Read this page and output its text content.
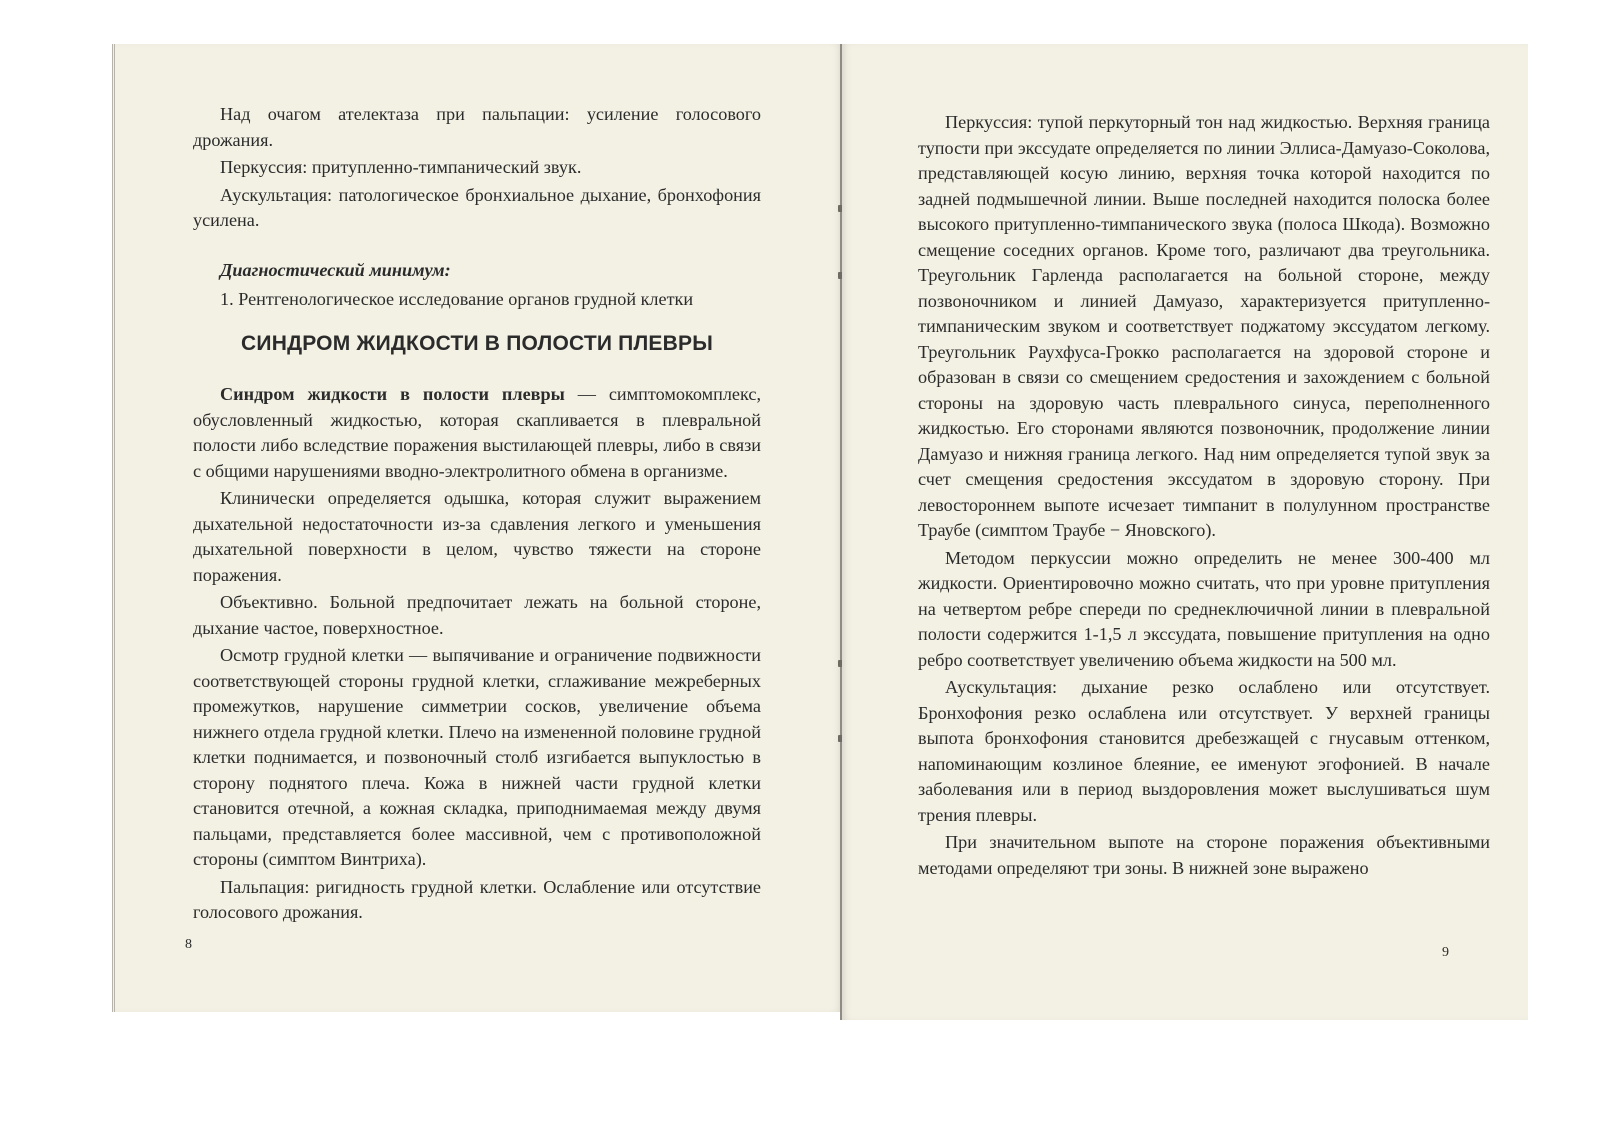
Над очагом ателектаза при пальпации: усиление голосового дрожания.

Перкуссия: притупленно-тимпанический звук.

Аускультация: патологическое бронхиальное дыхание, бронхофония усилена.

Диагностический минимум:
1. Рентгенологическое исследование органов грудной клетки
СИНДРОМ ЖИДКОСТИ В ПОЛОСТИ ПЛЕВРЫ

Синдром жидкости в полости плевры — симптомокомплекс, обусловленный жидкостью, которая скапливается в плевральной полости либо вследствие поражения выстилающей плевры, либо в связи с общими нарушениями вводно-электролитного обмена в организме.

Клинически определяется одышка, которая служит выражением дыхательной недостаточности из-за сдавления легкого и уменьшения дыхательной поверхности в целом, чувство тяжести на стороне поражения.

Объективно. Больной предпочитает лежать на больной стороне, дыхание частое, поверхностное.

Осмотр грудной клетки — выпячивание и ограничение подвижности соответствующей стороны грудной клетки, сглаживание межреберных промежутков, нарушение симметрии сосков, увеличение объема нижнего отдела грудной клетки. Плечо на измененной половине грудной клетки поднимается, и позвоночный столб изгибается выпуклостью в сторону поднятого плеча. Кожа в нижней части грудной клетки становится отечной, а кожная складка, приподнимаемая между двумя пальцами, представляется более массивной, чем с противоположной стороны (симптом Винтриха).

Пальпация: ригидность грудной клетки. Ослабление или отсутствие голосового дрожания.

8

Перкуссия: тупой перкуторный тон над жидкостью. Верхняя граница тупости при экссудате определяется по линии Эллиса-Дамуазо-Соколова, представляющей косую линию, верхняя точка которой находится по задней подмышечной линии. Выше последней находится полоска более высокого притупленно-тимпанического звука (полоса Шкода). Возможно смещение соседних органов. Кроме того, различают два треугольника. Треугольник Гарленда располагается на больной стороне, между позвоночником и линией Дамуазо, характеризуется притупленно-тимпаническим звуком и соответствует поджатому экссудатом легкому. Треугольник Раухфуса-Грокко располагается на здоровой стороне и образован в связи со смещением средостения и захождением с больной стороны на здоровую часть плеврального синуса, переполненного жидкостью. Его сторонами являются позвоночник, продолжение линии Дамуазо и нижняя граница легкого. Над ним определяется тупой звук за счет смещения средостения экссудатом в здоровую сторону. При левостороннем выпоте исчезает тимпанит в полулунном пространстве Траубе (симптом Траубе − Яновского).

Методом перкуссии можно определить не менее 300-400 мл жидкости. Ориентировочно можно считать, что при уровне притупления на четвертом ребре спереди по среднеключичной линии в плевральной полости содержится 1-1,5 л экссудата, повышение притупления на одно ребро соответствует увеличению объема жидкости на 500 мл.

Аускультация: дыхание резко ослаблено или отсутствует. Бронхофония резко ослаблена или отсутствует. У верхней границы выпота бронхофония становится дребезжащей с гнусавым оттенком, напоминающим козлиное блеяние, ее именуют эгофонией. В начале заболевания или в период выздоровления может выслушиваться шум трения плевры.

При значительном выпоте на стороне поражения объективными методами определяют три зоны. В нижней зоне выражено

9
